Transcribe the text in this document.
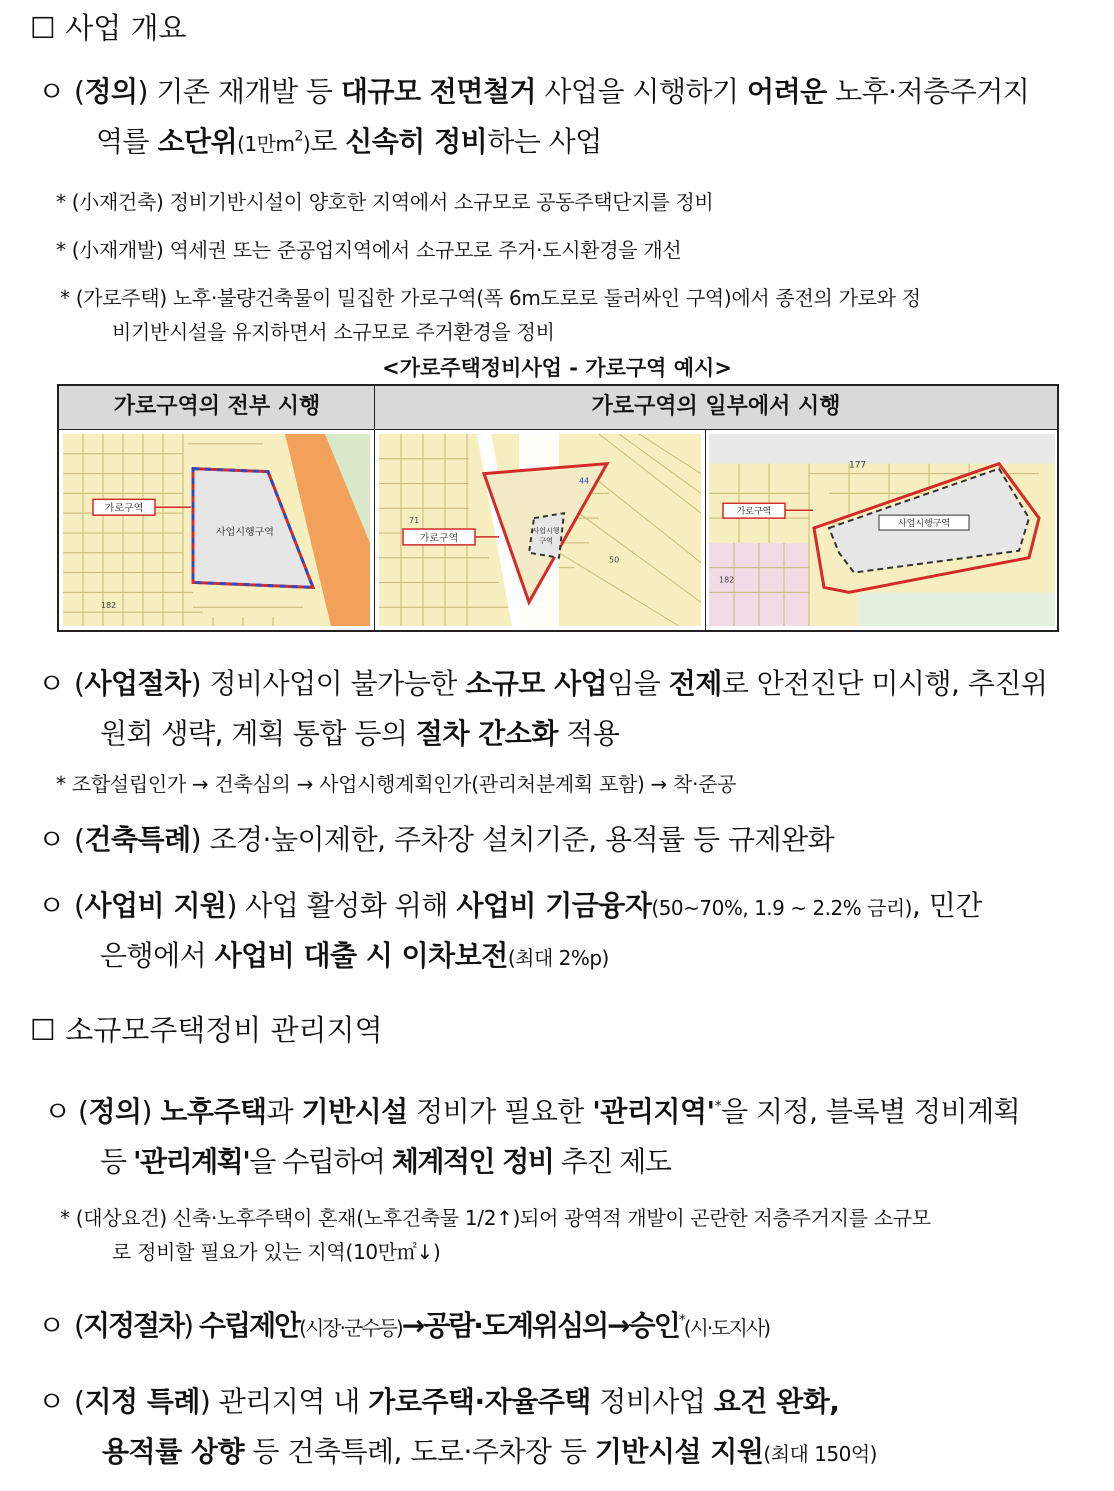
☐ 사업 개요
ㅇ (정의) 기존 재개발 등 대규모 전면철거 사업을 시행하기 어려운 노후·저층주거지
역를 소단위(1만$m^2$)로 신속히 정비하는 사업
* (小재건축) 정비기반시설이 양호한 지역에서 소규모로 공동주택단지를 정비
* (小재개발) 역세권 또는 준공업지역에서 소규모로 주거·도시환경을 개선
* (가로주택) 노후·불량건축물이 밀집한 가로구역(폭 6m도로로 둘러싸인 구역)에서 종전의 가로와 정
비기반시설을 유지하면서 소규모로 주거환경을 정비
<가로주택정비사업 - 가로구역 예시>
가로구역의 전부 시행	가로구역의 일부에서 시행
가로구역
사업시행구역
182
사업시행
구역
가로구역
71
44
50
사업시행구역
가로구역
177
182
ㅇ (사업절차) 정비사업이 불가능한 소규모 사업임을 전제로 안전진단 미시행, 추진위
원회 생략, 계획 통합 등의 절차 간소화 적용
* 조합설립인가 → 건축심의 → 사업시행계획인가(관리처분계획 포함) → 착·준공
ㅇ (건축특례) 조경·높이제한, 주차장 설치기준, 용적률 등 규제완화
ㅇ (사업비 지원) 사업 활성화 위해 사업비 기금융자(50~70%, 1.9 ~ 2.2% 금리), 민간
은행에서 사업비 대출 시 이차보전(최대 2%p)
☐ 소규모주택정비 관리지역
ㅇ (정의) 노후주택과 기반시설 정비가 필요한 '관리지역'*을 지정, 블록별 정비계획
등 '관리계획'을 수립하여 체계적인 정비 추진 제도
* (대상요건) 신축·노후주택이 혼재(노후건축물 1/2↑)되어 광역적 개발이 곤란한 저층주거지를 소규모
로 정비할 필요가 있는 지역(10만㎡↓)
ㅇ (지정절차) 수립제안(시장·군수등)→공람·도계위심의→승인*(시·도지사)
ㅇ (지정 특례) 관리지역 내 가로주택·자율주택 정비사업 요건 완화,
용적률 상향 등 건축특례, 도로·주차장 등 기반시설 지원(최대 150억)
